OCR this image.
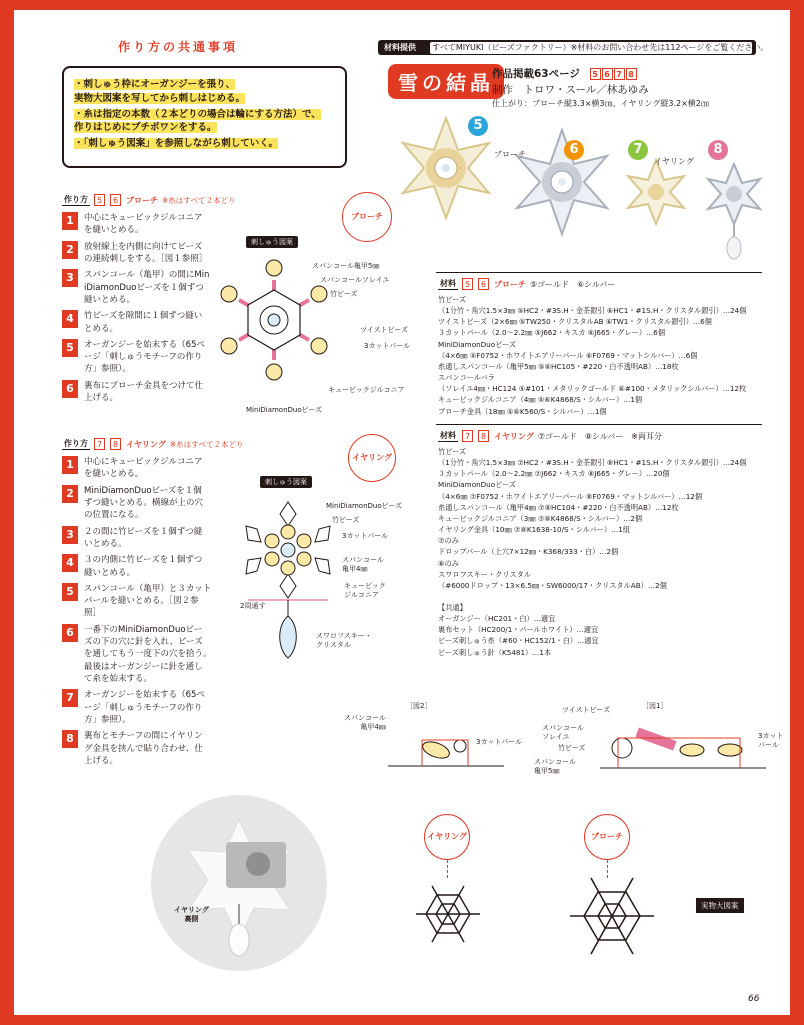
作り方の共通事項
・刺しゅう枠にオーガンジーを張り、
実物大図案を写してから刺しはじめる。
・糸は指定の本数（２本どりの場合は輪にする方法）で、
作りはじめにプチボワンをする。
・「刺しゅう図案」を参照しながら刺していく。
材料提供	すべてMIYUKI（ビーズファクトリー）※材料のお問い合わせ先は112ページをご覧ください。
雪の結晶
作品掲載63ページ 5 6 7 8
制作　トロワ・スール／林あゆみ
仕上がり：ブローチ縦3.3×横3㎝、イヤリング縦3.2×横2㎝
5
6	7	8
ブローチ
イヤリング
作り方	5	6 ブローチ ※糸はすべて２本どり
ブローチ
1	中心にキュービックジルコニア
を縫いとめる。
2	放射線上を内側に向けてビーズ
の連続刺しをする。［図１参照］
3	スパンコール（亀甲）の間にMin
iDiamonDuoビーズを１個ずつ
縫いとめる。
4	竹ビーズを隙間に１個ずつ縫い
とめる。
5	オーガンジーを始末する（65ペ
ージ「刺しゅうモチーフの作り
方」参照）。
6	裏布にブローチ金具をつけて仕
上げる。
刺しゅう図案
スパンコール亀甲5㎜
スパンコールソレイユ
竹ビーズ
ツイストビーズ
3カットパール
キュービックジルコニア
MiniDiamonDuoビーズ
作り方	7	8 イヤリング ※糸はすべて２本どり
イヤリング
1	中心にキュービックジルコニア
を縫いとめる。
2	MiniDiamonDuoビーズを１個
ずつ縫いとめる。横線が上の穴
の位置になる。
3	２の間に竹ビーズを１個ずつ縫
いとめる。
4	３の内側に竹ビーズを１個ずつ
縫いとめる。
5	スパンコール（亀甲）と３カット
パールを縫いとめる。［図２参
照］
6	一番下のMiniDiamonDuoビー
ズの下の穴に針を入れ、ビーズ
を通してもう一度下の穴を拾う。
最後はオーガンジーに針を通し
て糸を始末する。
7	オーガンジーを始末する（65ペ
ージ「刺しゅうモチーフの作り
方」参照）。
8	裏布とモチーフの間にイヤリン
グ金具を挟んで貼り合わせ、仕
上げる。
刺しゅう図案
MiniDiamonDuoビーズ
竹ビーズ
3カットパール
スパンコール
亀甲4㎜
キュービック
ジルコニア
2周通す
スワロフスキー・
クリスタル
材料	5	6 ブローチ ⑤ゴールド　⑥シルバー
竹ビーズ
（1分竹・角穴1.5×3㎜ ⑤HC2・#3S.H・金茶銀引 ⑥HC1・#1S.H・クリスタル銀引）…24個
ツイストビーズ（2×6㎜ ⑤TW250・クリスタルAB ⑥TW1・クリスタル銀引）…6個
３カットパール（2.0〜2.2㎜ ⑤J662・キスカ ⑥J665・グレー）…6個
MiniDiamonDuoビーズ
（4×6㎜ ⑤F0752・ホワイトエアリーパール ⑥F0769・マットシルバー）…6個
糸通しスパンコール（亀甲5㎜ ⑤⑥HC105・#220・白不透明AB）…18枚
スパンコールバラ
（ソレイユ4㎜・HC124 ⑤#101・メタリックゴールド ⑥#100・メタリックシルバー）…12枚
キュービックジルコニア（4㎜ ⑤⑥K4868/S・シルバー）…1個
ブローチ金具（18㎜ ⑤⑥K560/S・シルバー）…1個
材料	7	8 イヤリング ⑦ゴールド　⑧シルバー　※両耳分
竹ビーズ
（1分竹・角穴1.5×3㎜ ⑦HC2・#3S.H・金茶銀引 ⑧HC1・#1S.H・クリスタル銀引）…24個
３カットパール（2.0〜2.2㎜ ⑦J662・キスカ ⑧J665・グレー）…20個
MiniDiamonDuoビーズ
（4×6㎜ ⑦F0752・ホワイトエアリーパール ⑧F0769・マットシルバー）…12個
糸通しスパンコール（亀甲4㎜ ⑦⑧HC104・#220・白不透明AB）…12枚
キュービックジルコニア（3㎜ ⑦⑧K4868/S・シルバー）…2個
イヤリング金具（10㎜ ⑦⑧K1638-10/S・シルバー）…1組
⑦のみ
ドロップパール（上穴7×12㎜・K368/333・白）…2個
⑧のみ
スワロフスキー・クリスタル
（#6000ドロップ・13×6.5㎜・SW6000/17・クリスタルAB）…2個
【共通】
オーガンジー（HC201・白）…適宜
裏布セット（HC200/1・パールホワイト）…適宜
ビーズ刺しゅう糸（#60・HC152/1・白）…適宜
ビーズ刺しゅう針（K5481）…1本
［図2］
スパンコール
亀甲4㎜
3カットパール
［図1］
ツイストビーズ
スパンコール
ソレイユ
竹ビーズ
スパンコール
亀甲5㎜
3カット
パール
イヤリング
裏側
イヤリング	ブローチ
実物大図案
66
